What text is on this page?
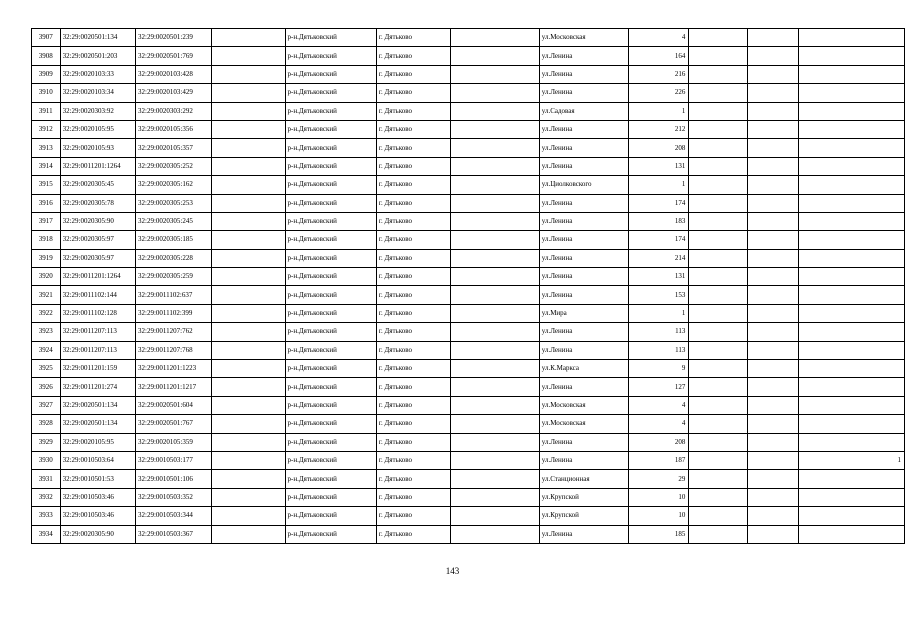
3907	32:29:0020501:134	32:29:0020501:239		р-н.Дятьковский	г. Дятьково		ул.Московская	4			
3908	32:29:0020501:203	32:29:0020501:769		р-н.Дятьковский	г. Дятьково		ул.Ленина	164			
3909	32:29:0020103:33	32:29:0020103:428		р-н.Дятьковский	г. Дятьково		ул.Ленина	216			
3910	32:29:0020103:34	32:29:0020103:429		р-н.Дятьковский	г. Дятьково		ул.Ленина	226			
3911	32:29:0020303:92	32:29:0020303:292		р-н.Дятьковский	г. Дятьково		ул.Садовая	1			
3912	32:29:0020105:95	32:29:0020105:356		р-н.Дятьковский	г. Дятьково		ул.Ленина	212			
3913	32:29:0020105:93	32:29:0020105:357		р-н.Дятьковский	г. Дятьково		ул.Ленина	208			
3914	32:29:0011201:1264	32:29:0020305:252		р-н.Дятьковский	г. Дятьково		ул.Ленина	131			
3915	32:29:0020305:45	32:29:0020305:162		р-н.Дятьковский	г. Дятьково		ул.Циолковского	1			
3916	32:29:0020305:78	32:29:0020305:253		р-н.Дятьковский	г. Дятьково		ул.Ленина	174			
3917	32:29:0020305:90	32:29:0020305:245		р-н.Дятьковский	г. Дятьково		ул.Ленина	183			
3918	32:29:0020305:97	32:29:0020305:185		р-н.Дятьковский	г. Дятьково		ул.Ленина	174			
3919	32:29:0020305:97	32:29:0020305:228		р-н.Дятьковский	г. Дятьково		ул.Ленина	214			
3920	32:29:0011201:1264	32:29:0020305:259		р-н.Дятьковский	г. Дятьково		ул.Ленина	131			
3921	32:29:0011102:144	32:29:0011102:637		р-н.Дятьковский	г. Дятьково		ул.Ленина	153			
3922	32:29:0011102:128	32:29:0011102:399		р-н.Дятьковский	г. Дятьково		ул.Мира	1			
3923	32:29:0011207:113	32:29:0011207:762		р-н.Дятьковский	г. Дятьково		ул.Ленина	113			
3924	32:29:0011207:113	32:29:0011207:768		р-н.Дятьковский	г. Дятьково		ул.Ленина	113			
3925	32:29:0011201:159	32:29:0011201:1223		р-н.Дятьковский	г. Дятьково		ул.К.Маркса	9			
3926	32:29:0011201:274	32:29:0011201:1217		р-н.Дятьковский	г. Дятьково		ул.Ленина	127			
3927	32:29:0020501:134	32:29:0020501:604		р-н.Дятьковский	г. Дятьково		ул.Московская	4			
3928	32:29:0020501:134	32:29:0020501:767		р-н.Дятьковский	г. Дятьково		ул.Московская	4			
3929	32:29:0020105:95	32:29:0020105:359		р-н.Дятьковский	г. Дятьково		ул.Ленина	208			
3930	32:29:0010503:64	32:29:0010503:177		р-н.Дятьковский	г. Дятьково		ул.Ленина	187			1
3931	32:29:0010501:53	32:29:0010501:106		р-н.Дятьковский	г. Дятьково		ул.Станционная	29			
3932	32:29:0010503:46	32:29:0010503:352		р-н.Дятьковский	г. Дятьково		ул.Крупской	10			
3933	32:29:0010503:46	32:29:0010503:344		р-н.Дятьковский	г. Дятьково		ул.Крупской	10			
3934	32:29:0020305:90	32:29:0010503:367		р-н.Дятьковский	г. Дятьково		ул.Ленина	185			
143
